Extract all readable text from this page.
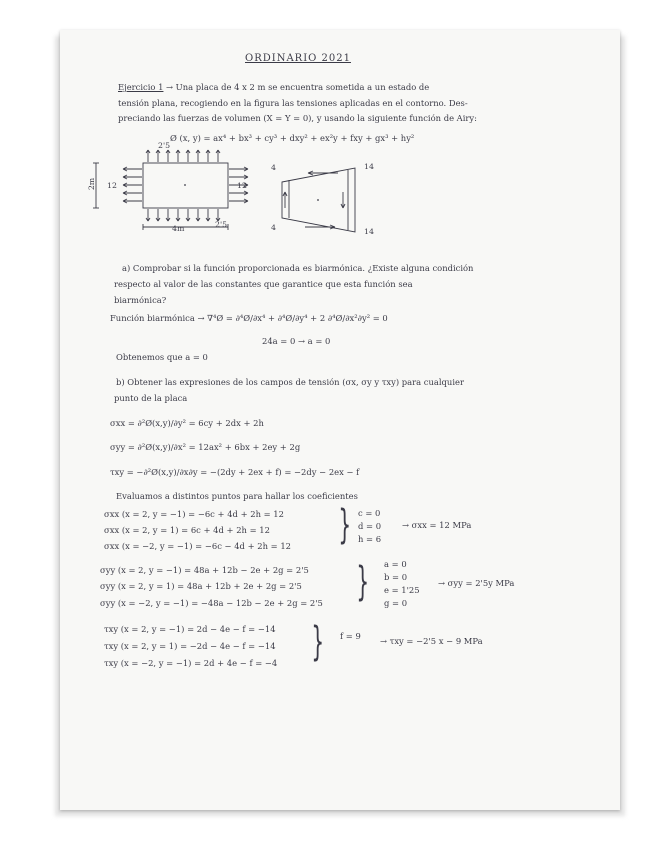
ORDINARIO 2021
Ejercicio 1 → Una placa de 4 x 2 m se encuentra sometida a un estado de
tensión plana, recogiendo en la figura las tensiones aplicadas en el contorno. Des-
preciando las fuerzas de volumen (X = Y = 0), y usando la siguiente función de Airy:
Ø (x, y) = ax⁴ + bx³ + cy³ + dxy² + ex²y + fxy + gx³ + hy²
2m 12	12
2'5
2'5
4m
4	14
4	14
a) Comprobar si la función proporcionada es biarmónica. ¿Existe alguna condición
respecto al valor de las constantes que garantice que esta función sea
biarmónica?
Función biarmónica → ∇⁴Ø = ∂⁴Ø/∂x⁴ + ∂⁴Ø/∂y⁴ + 2 ∂⁴Ø/∂x²∂y² = 0
24a = 0 → a = 0
Obtenemos que a = 0
b) Obtener las expresiones de los campos de tensión (σx, σy y τxy) para cualquier
punto de la placa
σxx = ∂²Ø(x,y)/∂y² = 6cy + 2dx + 2h
σyy = ∂²Ø(x,y)/∂x² = 12ax² + 6bx + 2ey + 2g
τxy = −∂²Ø(x,y)/∂x∂y = −(2dy + 2ex + f) = −2dy − 2ex − f
Evaluamos a distintos puntos para hallar los coeficientes
σxx (x = 2, y = −1) = −6c + 4d + 2h = 12
σxx (x = 2, y = 1) = 6c + 4d + 2h = 12
σxx (x = −2, y = −1) = −6c − 4d + 2h = 12 } c = 0
d = 0
h = 6
→ σxx = 12 MPa
σyy (x = 2, y = −1) = 48a + 12b − 2e + 2g = 2'5
σyy (x = 2, y = 1) = 48a + 12b + 2e + 2g = 2'5
σyy (x = −2, y = −1) = −48a − 12b − 2e + 2g = 2'5 } a = 0
b = 0
e = 1'25
g = 0
→ σyy = 2'5y MPa
τxy (x = 2, y = −1) = 2d − 4e − f = −14
τxy (x = 2, y = 1) = −2d − 4e − f = −14
τxy (x = −2, y = −1) = 2d + 4e − f = −4 } f = 9 → τxy = −2'5 x − 9 MPa
